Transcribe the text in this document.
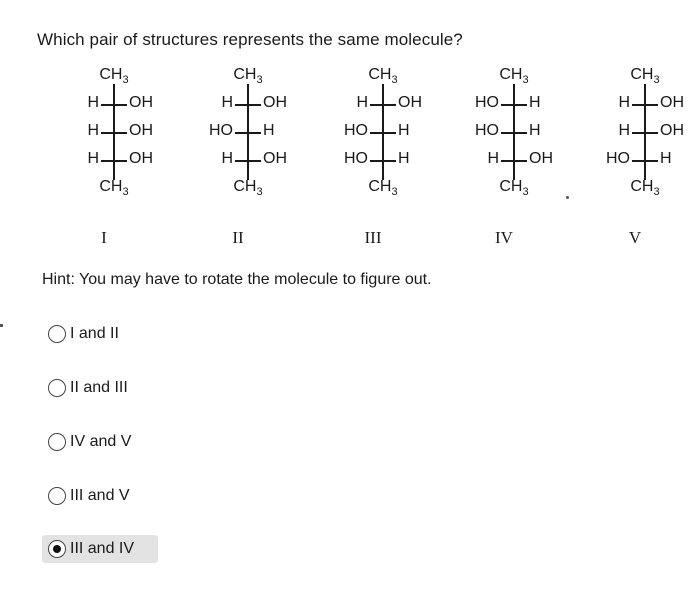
Which pair of structures represents the same molecule?
$CH_3$
H OH
H OH
H OH
$CH_3$
$CH_3$
H OH
HO H
H OH
$CH_3$
$CH_3$
H OH
HO H
HO H
$CH_3$
$CH_3$
HO H
HO H
H OH
$CH_3$
$CH_3$
H OH
H OH
HO H
$CH_3$
I	II	III	IV	V
Hint: You may have to rotate the molecule to figure out.
I and II
II and III
IV and V
III and V
III and IV
